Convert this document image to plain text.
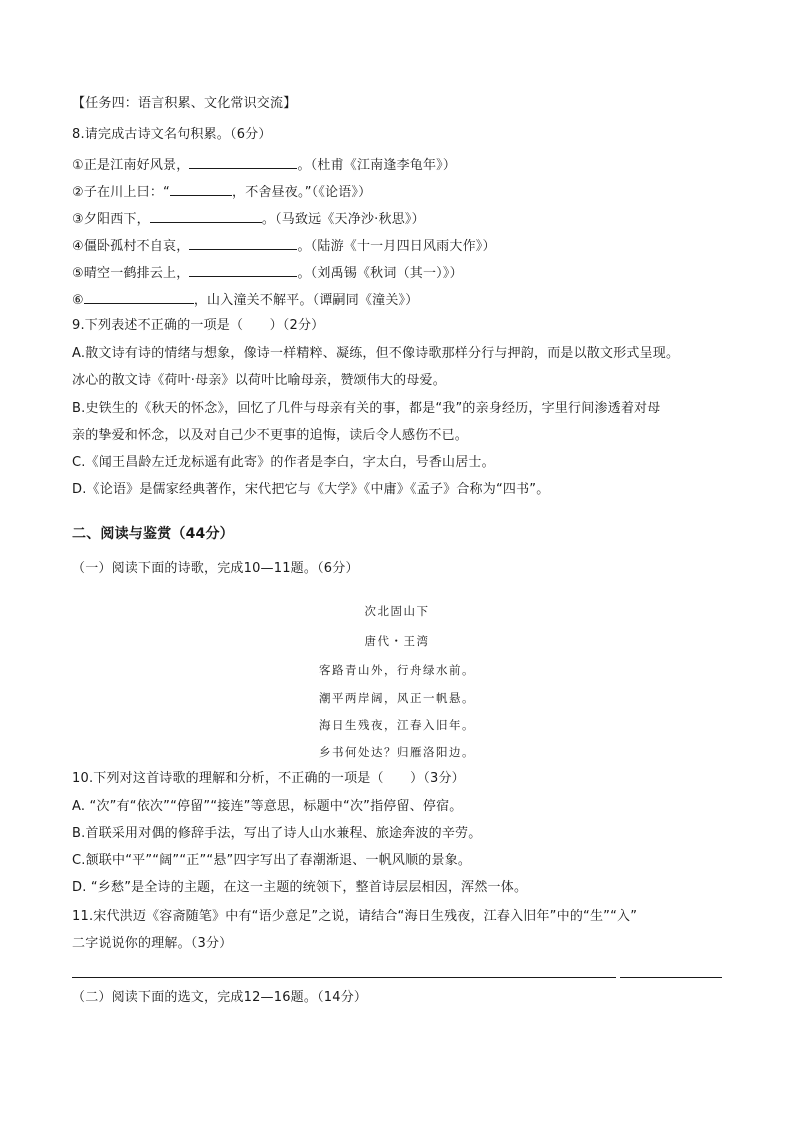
【任务四：语言积累、文化常识交流】
8.请完成古诗文名句积累。（6分）
①正是江南好风景，	。（杜甫《江南逢李龟年》）
②子在川上曰：“	，不舍昼夜。”（《论语》）
③夕阳西下，	。（马致远《天净沙·秋思》）
④僵卧孤村不自哀，	。（陆游《十一月四日风雨大作》）
⑤晴空一鹤排云上，	。（刘禹锡《秋词（其一）》）
⑥	，山入潼关不解平。（谭嗣同《潼关》）
9.下列表述不正确的一项是（　　）（2分）
A.散文诗有诗的情绪与想象，像诗一样精粹、凝练，但不像诗歌那样分行与押韵，而是以散文形式呈现。
冰心的散文诗《荷叶·母亲》以荷叶比喻母亲，赞颂伟大的母爱。
B.史铁生的《秋天的怀念》，回忆了几件与母亲有关的事，都是“我”的亲身经历，字里行间渗透着对母
亲的挚爱和怀念，以及对自己少不更事的追悔，读后令人感伤不已。
C.《闻王昌龄左迁龙标遥有此寄》的作者是李白，字太白，号香山居士。
D.《论语》是儒家经典著作，宋代把它与《大学》《中庸》《孟子》合称为“四书”。
二、阅读与鉴赏（44分）
（一）阅读下面的诗歌，完成10—11题。（6分）
次北固山下
唐代・王湾
客路青山外，行舟绿水前。
潮平两岸阔，风正一帆悬。
海日生残夜，江春入旧年。
乡书何处达？归雁洛阳边。
10.下列对这首诗歌的理解和分析，不正确的一项是（　　）（3分）
A. “次”有“依次”“停留”“接连”等意思，标题中“次”指停留、停宿。
B.首联采用对偶的修辞手法，写出了诗人山水兼程、旅途奔波的辛劳。
C.颔联中“平”“阔”“正”“悬”四字写出了春潮渐退、一帆风顺的景象。
D. “乡愁”是全诗的主题，在这一主题的统领下，整首诗层层相因，浑然一体。
11.宋代洪迈《容斋随笔》中有“语少意足”之说，请结合“海日生残夜，江春入旧年”中的“生”“入”
二字说说你的理解。（3分）
（二）阅读下面的选文，完成12—16题。（14分）
